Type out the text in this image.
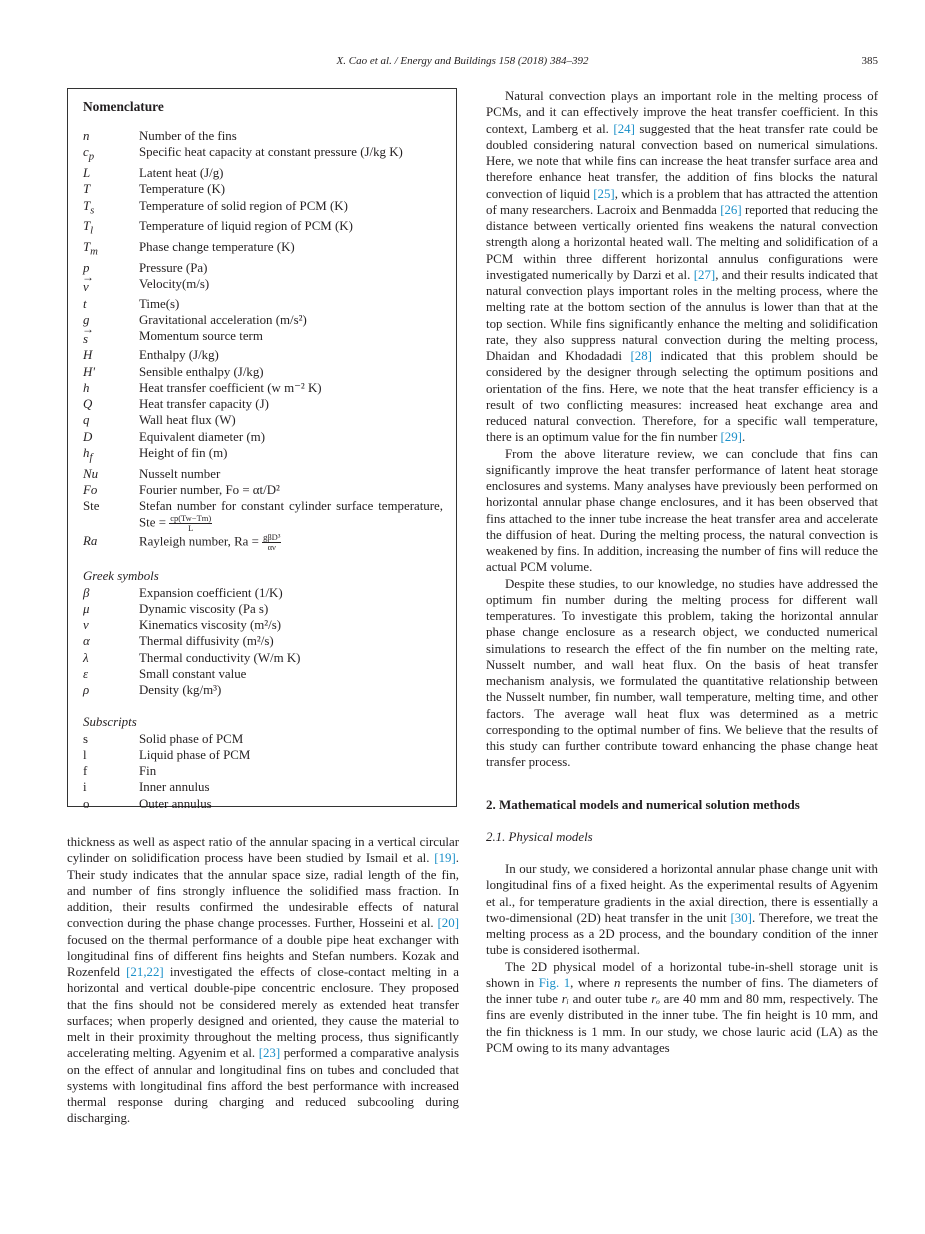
X. Cao et al. / Energy and Buildings 158 (2018) 384–392	385
Nomenclature
n	Number of the fins
$c_p$	Specific heat capacity at constant pressure (J/kg K)
L	Latent heat (J/g)
T	Temperature (K)
$T_s$	Temperature of solid region of PCM (K)
$T_l$	Temperature of liquid region of PCM (K)
$T_m$	Phase change temperature (K)
p	Pressure (Pa)
→ v	Velocity(m/s)
t	Time(s)
g	Gravitational acceleration (m/s²)
→ s	Momentum source term
H	Enthalpy (J/kg)
H'	Sensible enthalpy (J/kg)
h	Heat transfer coefficient (w m⁻² K)
Q	Heat transfer capacity (J)
q	Wall heat flux (W)
D	Equivalent diameter (m)
$h_f$	Height of fin (m)
Nu	Nusselt number
Fo	Fourier number, Fo = αt/D²
Ste	Stefan number for constant cylinder surface temperature, Ste = $\frac{cp(Tw-Tm)}{L}$
Ra	Rayleigh number, $Ra = \frac{\text{gβD³}}{\alpha\nu}$
Greek symbols
β	Expansion coefficient (1/K)
μ	Dynamic viscosity (Pa s)
ν	Kinematics viscosity (m²/s)
α	Thermal diffusivity (m²/s)
λ	Thermal conductivity (W/m K)
ε	Small constant value
ρ	Density (kg/m³)
Subscripts
s	Solid phase of PCM
l	Liquid phase of PCM
f	Fin
i	Inner annulus
o	Outer annulus

thickness as well as aspect ratio of the annular spacing in a vertical circular cylinder on solidification process have been studied by Ismail et al. [19]. Their study indicates that the annular space size, radial length of the fin, and number of fins strongly influence the solidified mass fraction. In addition, their results confirmed the undesirable effects of natural convection during the phase change processes. Further, Hosseini et al. [20] focused on the thermal performance of a double pipe heat exchanger with longitudinal fins of different fins heights and Stefan numbers. Kozak and Rozenfeld [21,22] investigated the effects of close-contact melting in a horizontal and vertical double-pipe concentric enclosure. They proposed that the fins should not be considered merely as extended heat transfer surfaces; when properly designed and oriented, they cause the material to melt in their proximity throughout the melting process, thus significantly accelerating melting. Agyenim et al. [23] performed a comparative analysis on the effect of annular and longitudinal fins on tubes and concluded that systems with longitudinal fins afford the best performance with increased thermal response during charging and reduced subcooling during discharging.

Natural convection plays an important role in the melting process of PCMs, and it can effectively improve the heat transfer coefficient. In this context, Lamberg et al. [24] suggested that the heat transfer rate could be doubled considering natural convection based on numerical simulations. Here, we note that while fins can increase the heat transfer surface area and therefore enhance heat transfer, the addition of fins blocks the natural convection of liquid [25], which is a problem that has attracted the attention of many researchers. Lacroix and Benmadda [26] reported that reducing the distance between vertically oriented fins weakens the natural convection strength along a horizontal heated wall. The melting and solidification of a PCM within three different horizontal annulus configurations were investigated numerically by Darzi et al. [27], and their results indicated that natural convection plays important roles in the melting process, where the melting rate at the bottom section of the annulus is lower than that at the top section. While fins significantly enhance the melting and solidification rate, they also suppress natural convection during the melting process, Dhaidan and Khodadadi [28] indicated that this problem should be considered by the designer through selecting the optimum positions and orientation of the fins. Here, we note that the heat transfer efficiency is a result of two conflicting measures: increased heat exchange area and reduced natural convection. Therefore, for a specific wall temperature, there is an optimum value for the fin number [29].

From the above literature review, we can conclude that fins can significantly improve the heat transfer performance of latent heat storage enclosures and systems. Many analyses have previously been performed on horizontal annular phase change enclosures, and it has been observed that fins attached to the inner tube increase the heat transfer area and accelerate the diffusion of heat. During the melting process, the natural convection is weakened by fins. In addition, increasing the number of fins will reduce the actual PCM volume.

Despite these studies, to our knowledge, no studies have addressed the optimum fin number during the melting process for different wall temperatures. To investigate this problem, taking the horizontal annular phase change enclosure as a research object, we conducted numerical simulations to research the effect of the fin number on the melting rate, Nusselt number, and wall heat flux. On the basis of heat transfer mechanism analysis, we formulated the quantitative relationship between the Nusselt number, fin number, wall temperature, melting time, and other factors. The average wall heat flux was determined as a metric corresponding to the optimal number of fins. We believe that the results of this study can further contribute toward enhancing the phase change heat transfer process.

2. Mathematical models and numerical solution methods
2.1. Physical models

In our study, we considered a horizontal annular phase change unit with longitudinal fins of a fixed height. As the experimental results of Agyenim et al., for temperature gradients in the axial direction, there is essentially a two-dimensional (2D) heat transfer in the unit [30]. Therefore, we treat the melting process as a 2D process, and the boundary condition of the inner tube is considered isothermal.

The 2D physical model of a horizontal tube-in-shell storage unit is shown in Fig. 1, where n represents the number of fins. The diameters of the inner tube rᵢ and outer tube rₒ are 40 mm and 80 mm, respectively. The fins are evenly distributed in the inner tube. The fin height is 10 mm, and the fin thickness is 1 mm. In our study, we chose lauric acid (LA) as the PCM owing to its many advantages
